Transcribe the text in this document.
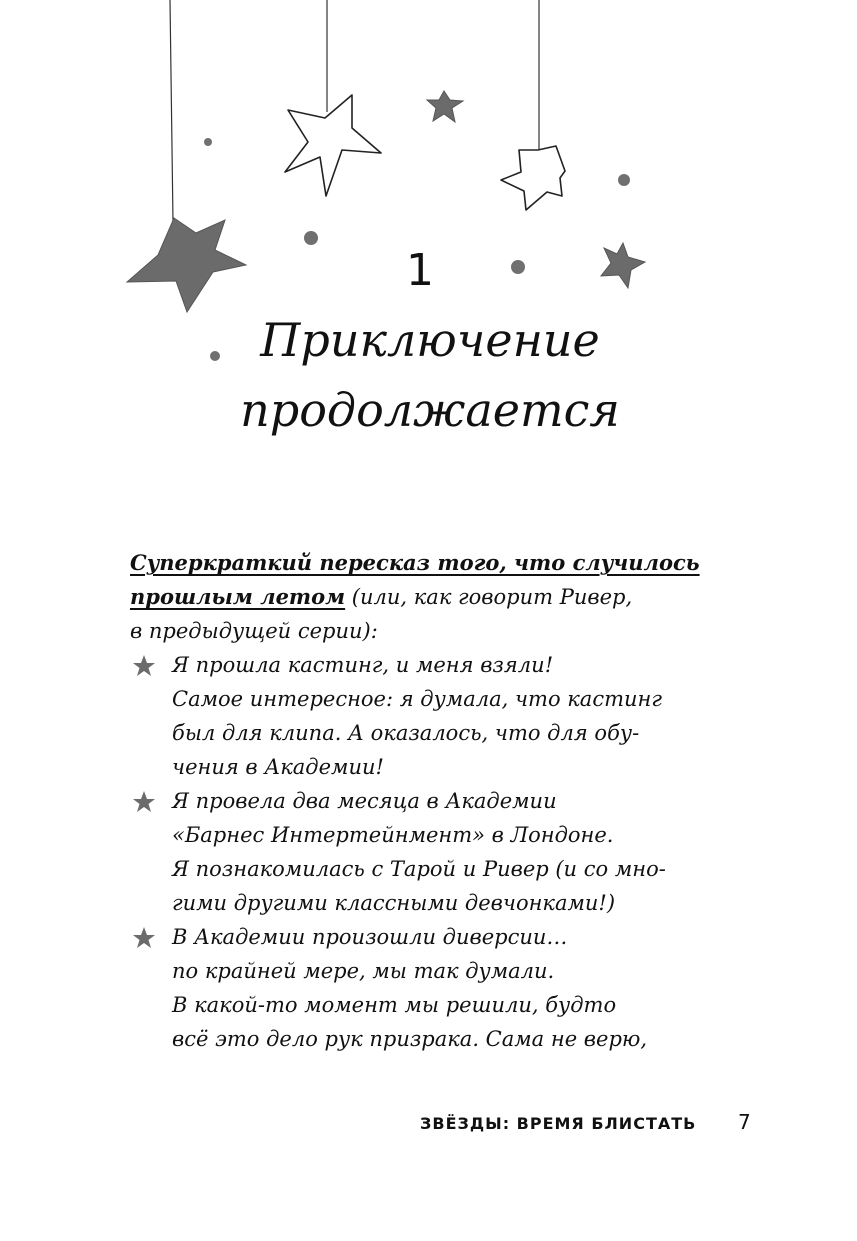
1
Приключение
продолжается
Суперкраткий пересказ того, что случилось
прошлым летом (или, как говорит Ривер,
в предыдущей серии):
Я прошла кастинг, и меня взяли!
Самое интересное: я думала, что кастинг
был для клипа. А оказалось, что для обу-
чения в Академии!
Я провела два месяца в Академии
«Барнес Интертейнмент» в Лондоне.
Я познакомилась с Тарой и Ривер (и со мно-
гими другими классными девчонками!)
В Академии произошли диверсии…
по крайней мере, мы так думали.
В какой-то момент мы решили, будто
всё это дело рук призрака. Сама не верю,
ЗВЁЗДЫ: ВРЕМЯ БЛИСТАТЬ 7
